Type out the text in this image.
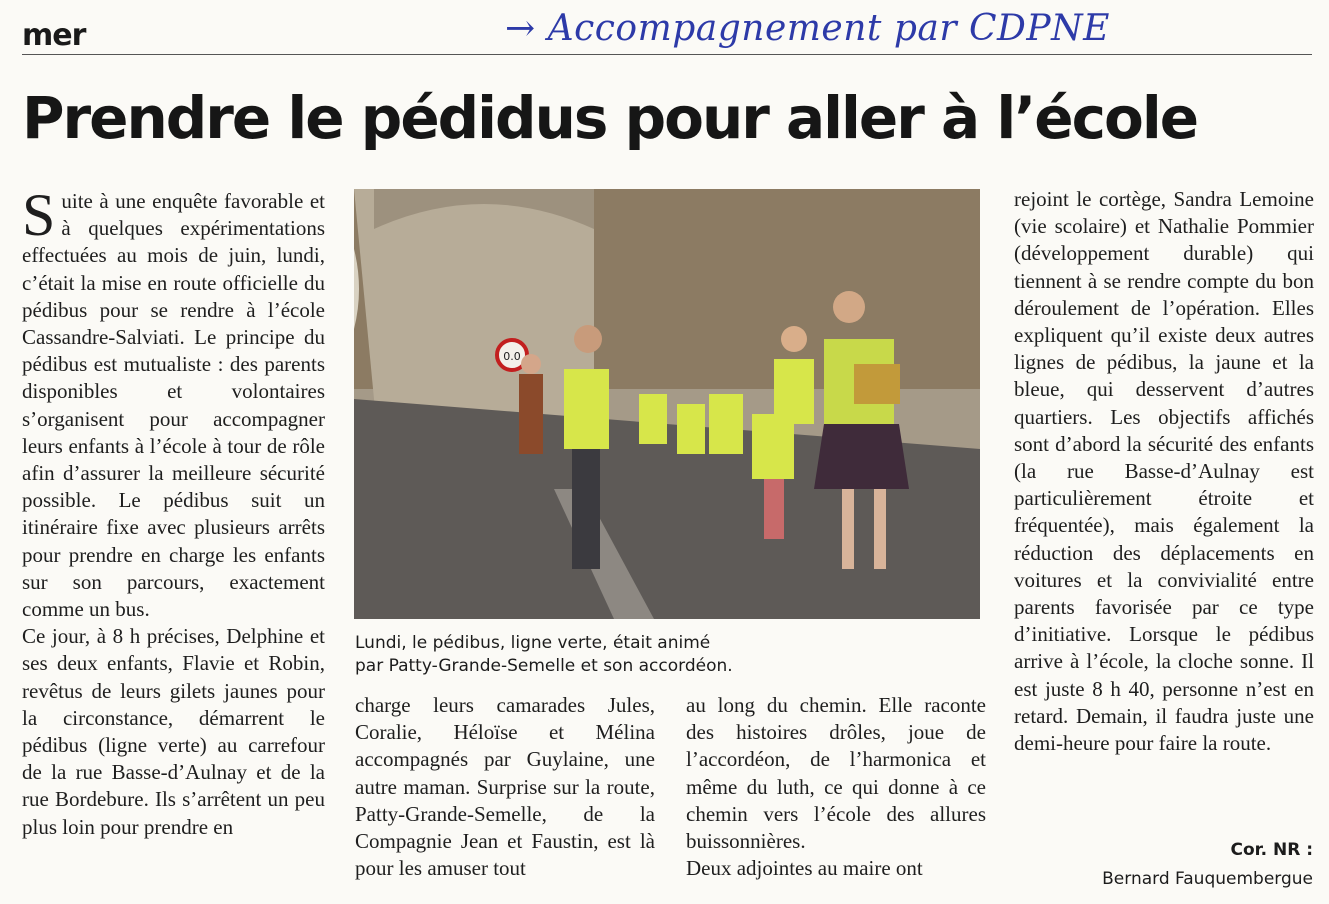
mer	→ Accompagnement par CDPNE
Prendre le pédidus pour aller à l’école

Suite à une enquête favorable et à quelques expérimentations effectuées au mois de juin, lundi, c’était la mise en route officielle du pédibus pour se rendre à l’école Cassandre-Salviati. Le principe du pédibus est mutualiste : des parents disponibles et volontaires s’organisent pour accompagner leurs enfants à l’école à tour de rôle afin d’assurer la meilleure sécurité possible. Le pédibus suit un itinéraire fixe avec plusieurs arrêts pour prendre en charge les enfants sur son parcours, exactement comme un bus.

Ce jour, à 8 h précises, Delphine et ses deux enfants, Flavie et Robin, revêtus de leurs gilets jaunes pour la circonstance, démarrent le pédibus (ligne verte) au carrefour de la rue Basse-d’Aulnay et de la rue Bordebure. Ils s’arrêtent un peu plus loin pour prendre en

0.0
Lundi, le pédibus, ligne verte, était animé
par Patty-Grande-Semelle et son accordéon.

charge leurs camarades Jules, Coralie, Héloïse et Mélina accompagnés par Guylaine, une autre maman. Surprise sur la route, Patty-Grande-Semelle, de la Compagnie Jean et Faustin, est là pour les amuser tout

au long du chemin. Elle raconte des histoires drôles, joue de l’accordéon, de l’harmonica et même du luth, ce qui donne à ce chemin vers l’école des allures buissonnières.

Deux adjointes au maire ont

rejoint le cortège, Sandra Lemoine (vie scolaire) et Nathalie Pommier (développement durable) qui tiennent à se rendre compte du bon déroulement de l’opération. Elles expliquent qu’il existe deux autres lignes de pédibus, la jaune et la bleue, qui desservent d’autres quartiers. Les objectifs affichés sont d’abord la sécurité des enfants (la rue Basse-d’Aulnay est particulièrement étroite et fréquentée), mais également la réduction des déplacements en voitures et la convivialité entre parents favorisée par ce type d’initiative. Lorsque le pédibus arrive à l’école, la cloche sonne. Il est juste 8 h 40, personne n’est en retard. Demain, il faudra juste une demi-heure pour faire la route.

Cor. NR :
Bernard Fauquembergue
